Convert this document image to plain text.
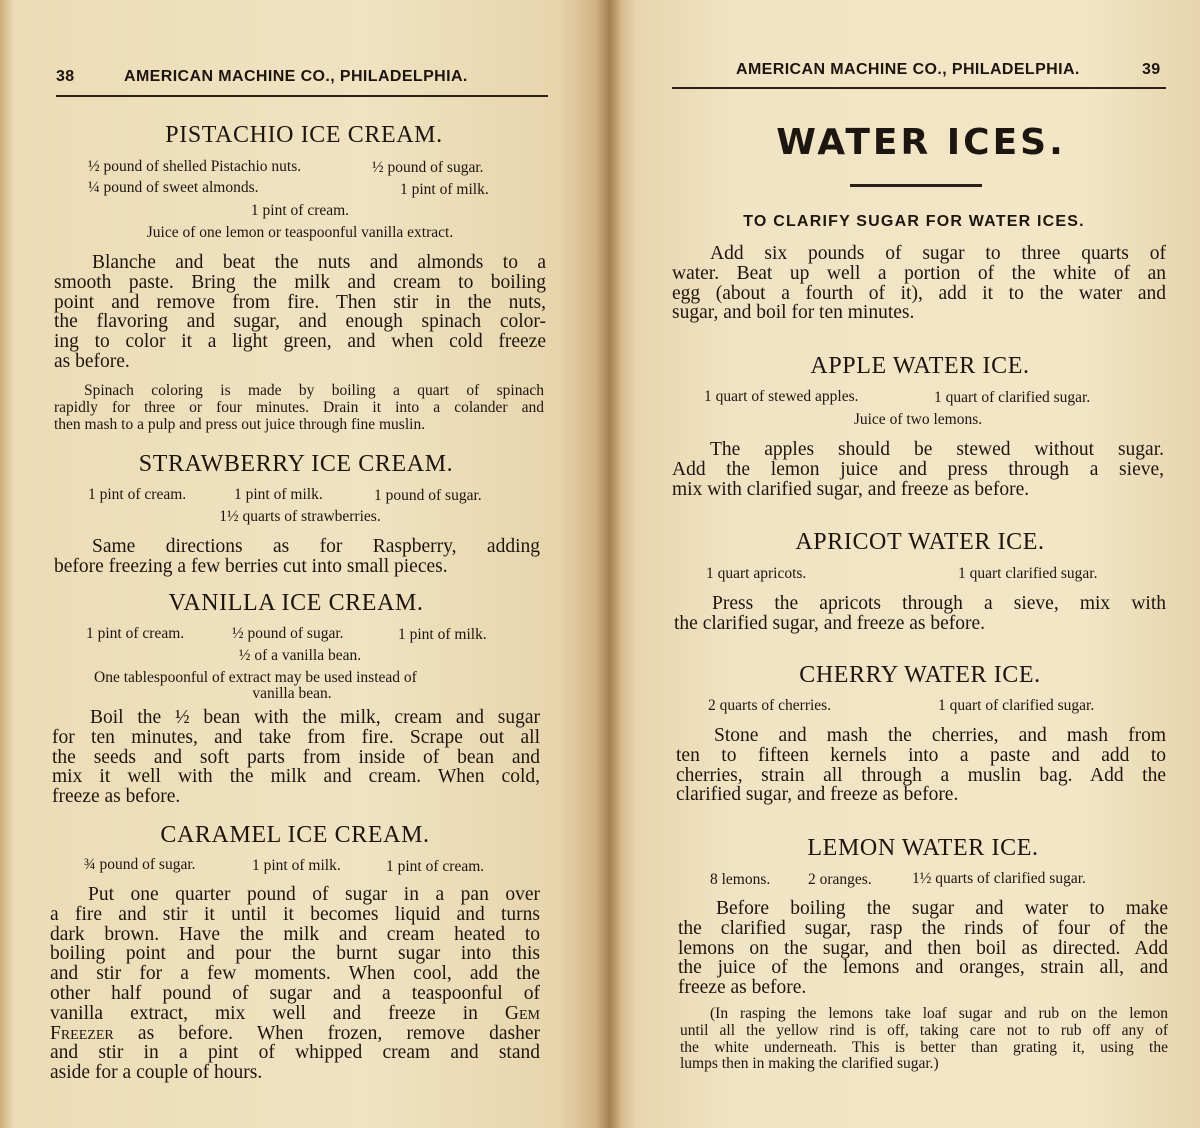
38	AMERICAN MACHINE CO., PHILADELPHIA.

PISTACHIO ICE CREAM.

½ pound of shelled Pistachio nuts.	½ pound of sugar.

¼ pound of sweet almonds.	1 pint of milk.

1 pint of cream.

Juice of one lemon or teaspoonful vanilla extract.

Blanche and beat the nuts and almonds to a
smooth paste. Bring the milk and cream to boiling
point and remove from fire. Then stir in the nuts,
the flavoring and sugar, and enough spinach color-
ing to color it a light green, and when cold freeze
as before.
Spinach coloring is made by boiling a quart of spinach
rapidly for three or four minutes. Drain it into a colander and
then mash to a pulp and press out juice through fine muslin.

STRAWBERRY ICE CREAM.

1 pint of cream.	1 pint of milk.	1 pound of sugar.

1½ quarts of strawberries.

Same directions as for Raspberry, adding
before freezing a few berries cut into small pieces.

VANILLA ICE CREAM.

1 pint of cream.	½ pound of sugar.	1 pint of milk.

½ of a vanilla bean.

One tablespoonful of extract may be used instead of

vanilla bean.

Boil the ½ bean with the milk, cream and sugar
for ten minutes, and take from fire. Scrape out all
the seeds and soft parts from inside of bean and
mix it well with the milk and cream. When cold,
freeze as before.

CARAMEL ICE CREAM.

¾ pound of sugar.	1 pint of milk.	1 pint of cream.

Put one quarter pound of sugar in a pan over
a fire and stir it until it becomes liquid and turns
dark brown. Have the milk and cream heated to
boiling point and pour the burnt sugar into this
and stir for a few moments. When cool, add the
other half pound of sugar and a teaspoonful of
vanilla extract, mix well and freeze in Gem
Freezer as before. When frozen, remove dasher
and stir in a pint of whipped cream and stand
aside for a couple of hours.

AMERICAN MACHINE CO., PHILADELPHIA.	39

WATER ICES.

TO CLARIFY SUGAR FOR WATER ICES.

Add six pounds of sugar to three quarts of
water. Beat up well a portion of the white of an
egg (about a fourth of it), add it to the water and
sugar, and boil for ten minutes.

APPLE WATER ICE.

1 quart of stewed apples.	1 quart of clarified sugar.

Juice of two lemons.

The apples should be stewed without sugar.
Add the lemon juice and press through a sieve,
mix with clarified sugar, and freeze as before.

APRICOT WATER ICE.

1 quart apricots.	1 quart clarified sugar.

Press the apricots through a sieve, mix with
the clarified sugar, and freeze as before.

CHERRY WATER ICE.

2 quarts of cherries.	1 quart of clarified sugar.

Stone and mash the cherries, and mash from
ten to fifteen kernels into a paste and add to
cherries, strain all through a muslin bag. Add the
clarified sugar, and freeze as before.

LEMON WATER ICE.

8 lemons. 2 oranges.	1½ quarts of clarified sugar.

Before boiling the sugar and water to make
the clarified sugar, rasp the rinds of four of the
lemons on the sugar, and then boil as directed. Add
the juice of the lemons and oranges, strain all, and
freeze as before.
(In rasping the lemons take loaf sugar and rub on the lemon
until all the yellow rind is off, taking care not to rub off any of
the white underneath. This is better than grating it, using the
lumps then in making the clarified sugar.)
